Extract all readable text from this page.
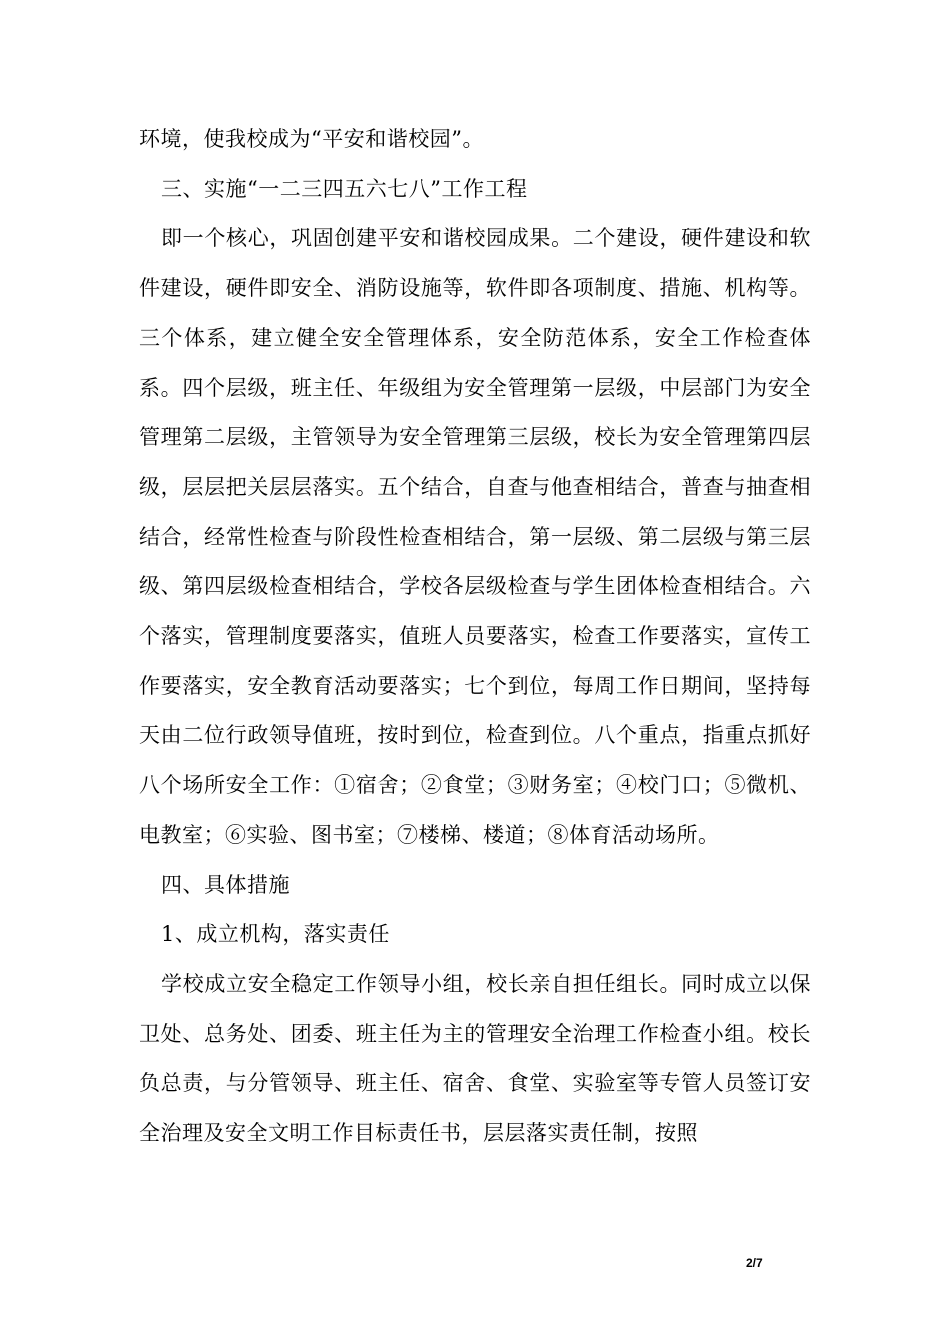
环境，使我校成为“平安和谐校园”。

三、实施“一二三四五六七八”工作工程

即一个核心，巩固创建平安和谐校园成果。二个建设，硬件建设和软件建设，硬件即安全、消防设施等，软件即各项制度、措施、机构等。三个体系，建立健全安全管理体系，安全防范体系，安全工作检查体系。四个层级，班主任、年级组为安全管理第一层级，中层部门为安全管理第二层级，主管领导为安全管理第三层级，校长为安全管理第四层级，层层把关层层落实。五个结合，自查与他查相结合，普查与抽查相结合，经常性检查与阶段性检查相结合，第一层级、第二层级与第三层级、第四层级检查相结合，学校各层级检查与学生团体检查相结合。六个落实，管理制度要落实，值班人员要落实，检查工作要落实，宣传工作要落实，安全教育活动要落实；七个到位，每周工作日期间，坚持每天由二位行政领导值班，按时到位，检查到位。八个重点，指重点抓好八个场所安全工作：①宿舍；②食堂；③财务室；④校门口；⑤微机、电教室；⑥实验、图书室；⑦楼梯、楼道；⑧体育活动场所。

四、具体措施

1、成立机构，落实责任

学校成立安全稳定工作领导小组，校长亲自担任组长。同时成立以保卫处、总务处、团委、班主任为主的管理安全治理工作检查小组。校长负总责，与分管领导、班主任、宿舍、食堂、实验室等专管人员签订安全治理及安全文明工作目标责任书，层层落实责任制，按照

2/7
